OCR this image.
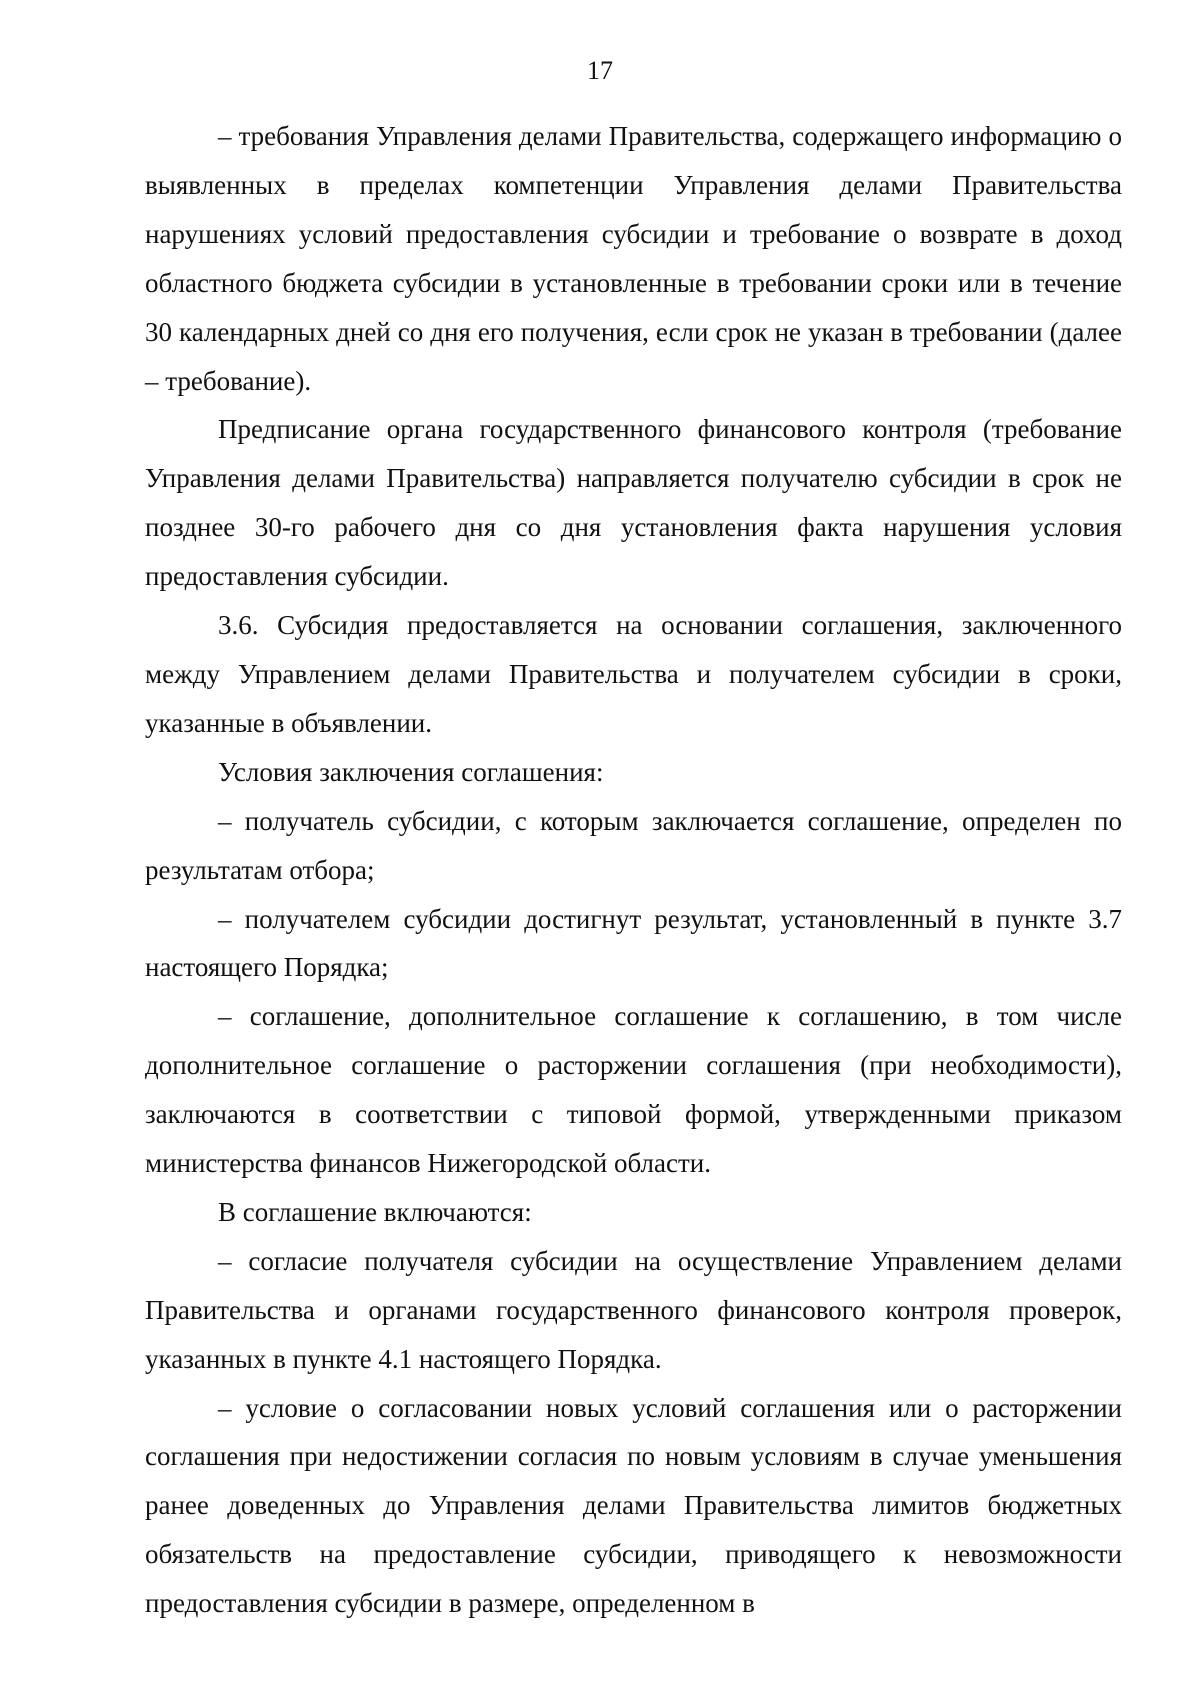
17

– требования Управления делами Правительства, содержащего информацию о выявленных в пределах компетенции Управления делами Правительства нарушениях условий предоставления субсидии и требование о возврате в доход областного бюджета субсидии в установленные в требовании сроки или в течение 30 календарных дней со дня его получения, если срок не указан в требовании (далее – требование).

Предписание органа государственного финансового контроля (требование Управления делами Правительства) направляется получателю субсидии в срок не позднее 30-го рабочего дня со дня установления факта нарушения условия предоставления субсидии.

3.6. Субсидия предоставляется на основании соглашения, заключенного между Управлением делами Правительства и получателем субсидии в сроки, указанные в объявлении.

Условия заключения соглашения:

– получатель субсидии, с которым заключается соглашение, определен по результатам отбора;

– получателем субсидии достигнут результат, установленный в пункте 3.7 настоящего Порядка;

– соглашение, дополнительное соглашение к соглашению, в том числе дополнительное соглашение о расторжении соглашения (при необходимости), заключаются в соответствии с типовой формой, утвержденными приказом министерства финансов Нижегородской области.

В соглашение включаются:

– согласие получателя субсидии на осуществление Управлением делами Правительства и органами государственного финансового контроля проверок, указанных в пункте 4.1 настоящего Порядка.

– условие о согласовании новых условий соглашения или о расторжении соглашения при недостижении согласия по новым условиям в случае уменьшения ранее доведенных до Управления делами Правительства лимитов бюджетных обязательств на предоставление субсидии, приводящего к невозможности предоставления субсидии в размере, определенном в
